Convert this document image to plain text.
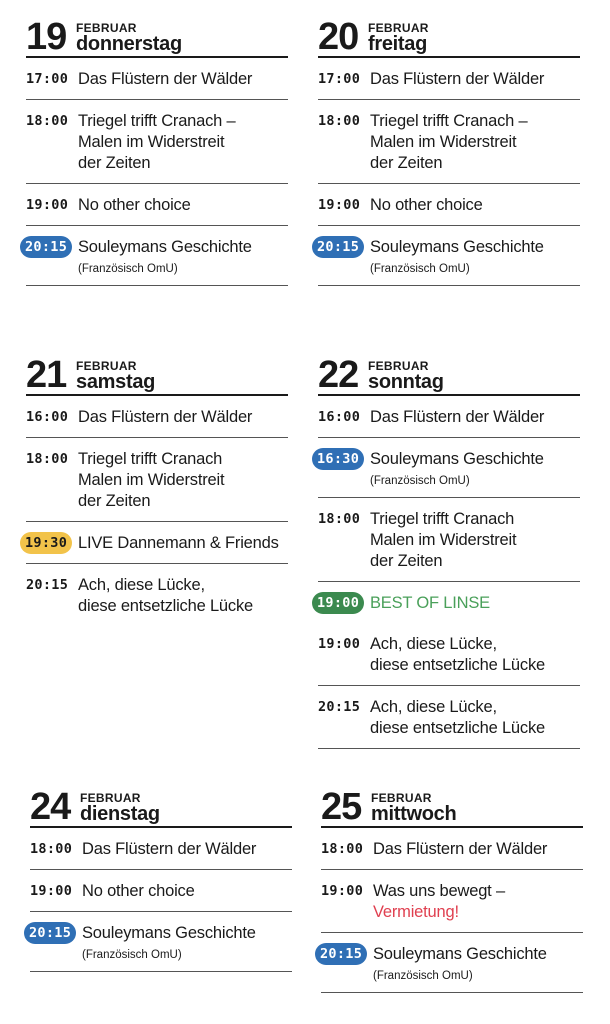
19 FEBRUAR
donnerstag
17:00 Das Flüstern der Wälder
18:00 Triegel trifft Cranach –
Malen im Widerstreit
der Zeiten
19:00 No other choice
20:15 Souleymans Geschichte
(Französisch OmU)
20 FEBRUAR
freitag
17:00 Das Flüstern der Wälder
18:00 Triegel trifft Cranach –
Malen im Widerstreit
der Zeiten
19:00 No other choice
20:15 Souleymans Geschichte
(Französisch OmU)
21 FEBRUAR
samstag
16:00 Das Flüstern der Wälder
18:00 Triegel trifft Cranach
Malen im Widerstreit
der Zeiten
19:30 LIVE Dannemann & Friends
20:15 Ach, diese Lücke,
diese entsetzliche Lücke
22 FEBRUAR
sonntag
16:00 Das Flüstern der Wälder
16:30 Souleymans Geschichte
(Französisch OmU)
18:00 Triegel trifft Cranach
Malen im Widerstreit
der Zeiten
19:00 BEST OF LINSE
19:00 Ach, diese Lücke,
diese entsetzliche Lücke
20:15 Ach, diese Lücke,
diese entsetzliche Lücke
24 FEBRUAR
dienstag
18:00 Das Flüstern der Wälder
19:00 No other choice
20:15 Souleymans Geschichte
(Französisch OmU)
25 FEBRUAR
mittwoch
18:00 Das Flüstern der Wälder
19:00 Was uns bewegt –
Vermietung!
20:15 Souleymans Geschichte
(Französisch OmU)
